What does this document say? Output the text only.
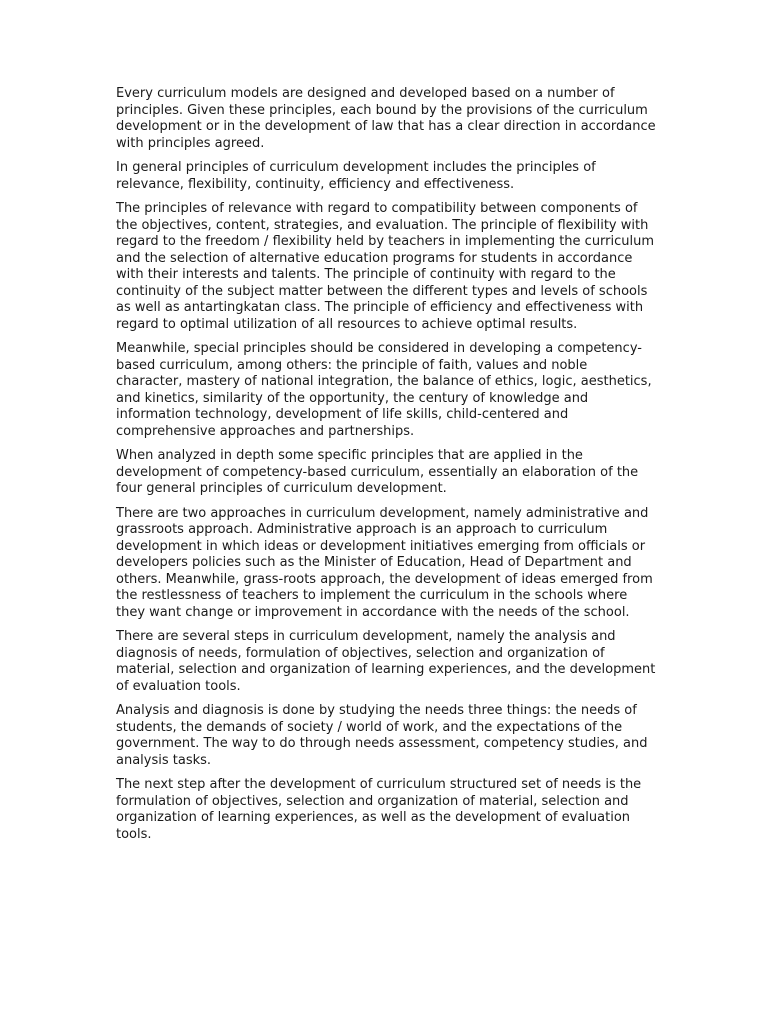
Every curriculum models are designed and developed based on a number of principles. Given these principles, each bound by the provisions of the curriculum development or in the development of law that has a clear direction in accordance with principles agreed.

In general principles of curriculum development includes the principles of relevance, flexibility, continuity, efficiency and effectiveness.

The principles of relevance with regard to compatibility between components of the objectives, content, strategies, and evaluation. The principle of flexibility with regard to the freedom / flexibility held by teachers in implementing the curriculum and the selection of alternative education programs for students in accordance with their interests and talents. The principle of continuity with regard to the continuity of the subject matter between the different types and levels of schools as well as antartingkatan class. The principle of efficiency and effectiveness with regard to optimal utilization of all resources to achieve optimal results.

Meanwhile, special principles should be considered in developing a competency-based curriculum, among others: the principle of faith, values and noble character, mastery of national integration, the balance of ethics, logic, aesthetics, and kinetics, similarity of the opportunity, the century of knowledge and information technology, development of life skills, child-centered and comprehensive approaches and partnerships.

When analyzed in depth some specific principles that are applied in the development of competency-based curriculum, essentially an elaboration of the four general principles of curriculum development.

There are two approaches in curriculum development, namely administrative and grassroots approach. Administrative approach is an approach to curriculum development in which ideas or development initiatives emerging from officials or developers policies such as the Minister of Education, Head of Department and others. Meanwhile, grass-roots approach, the development of ideas emerged from the restlessness of teachers to implement the curriculum in the schools where they want change or improvement in accordance with the needs of the school.

There are several steps in curriculum development, namely the analysis and diagnosis of needs, formulation of objectives, selection and organization of material, selection and organization of learning experiences, and the development of evaluation tools.

Analysis and diagnosis is done by studying the needs three things: the needs of students, the demands of society / world of work, and the expectations of the government. The way to do through needs assessment, competency studies, and analysis tasks.

The next step after the development of curriculum structured set of needs is the formulation of objectives, selection and organization of material, selection and organization of learning experiences, as well as the development of evaluation tools.
